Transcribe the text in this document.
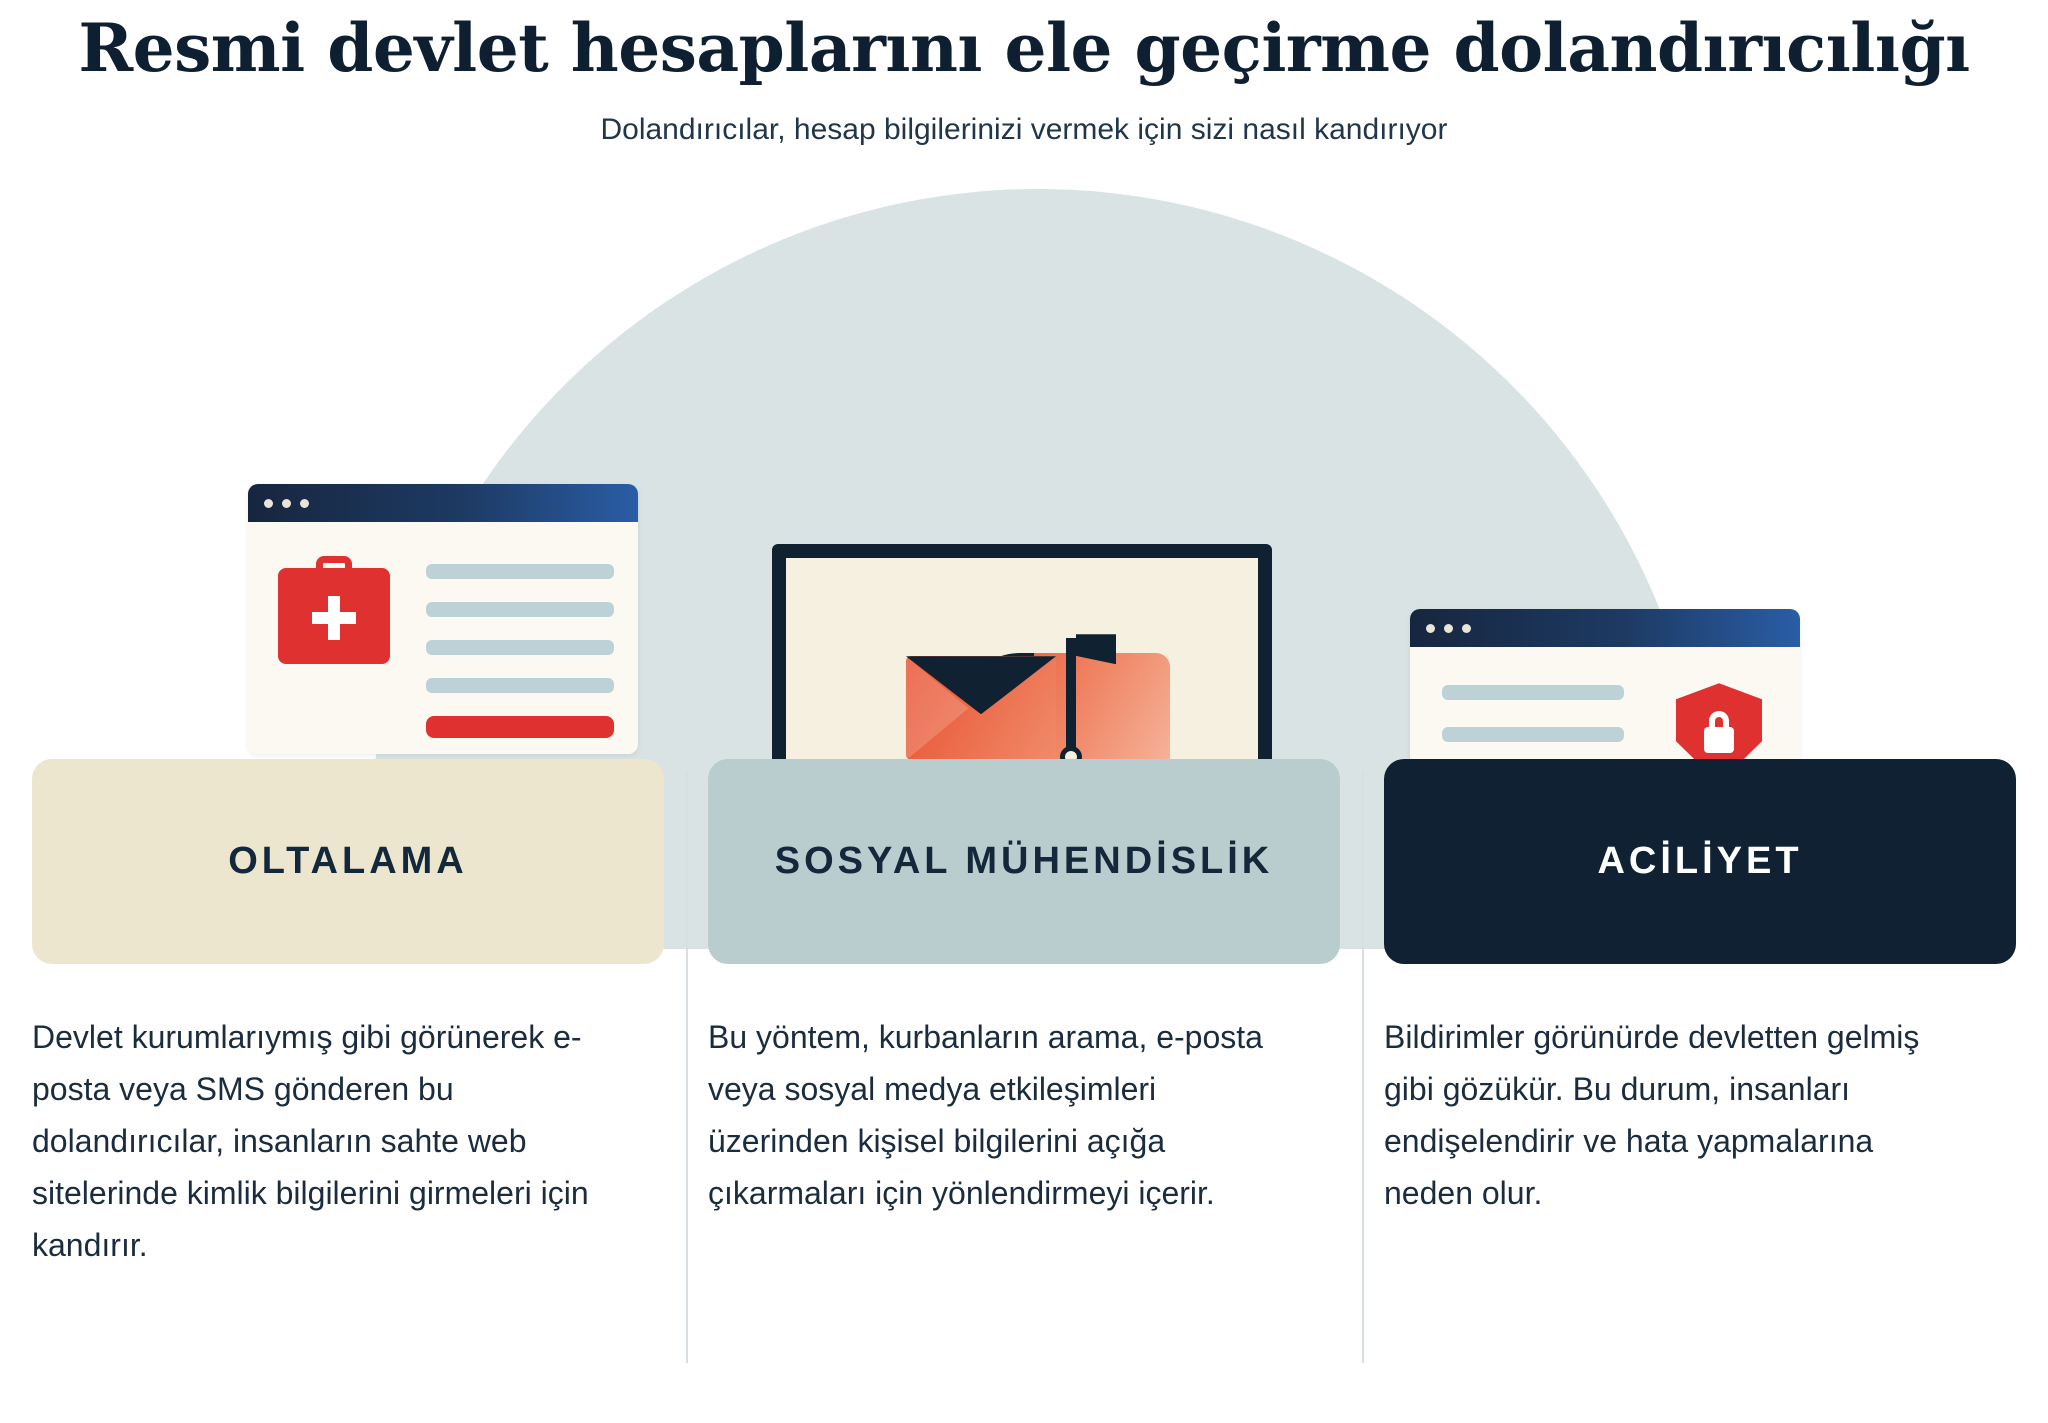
Resmi devlet hesaplarını ele geçirme dolandırıcılığı

Dolandırıcılar, hesap bilgilerinizi vermek için sizi nasıl kandırıyor

OLTALAMA

Devlet kurumlarıymış gibi görünerek e-posta veya SMS gönderen bu dolandırıcılar, insanların sahte web sitelerinde kimlik bilgilerini girmeleri için kandırır.

SOSYAL MÜHENDİSLİK

Bu yöntem, kurbanların arama, e-posta veya sosyal medya etkileşimleri üzerinden kişisel bilgilerini açığa çıkarmaları için yönlendirmeyi içerir.

ACİLİYET

Bildirimler görünürde devletten gelmiş gibi gözükür. Bu durum, insanları endişelendirir ve hata yapmalarına neden olur.
